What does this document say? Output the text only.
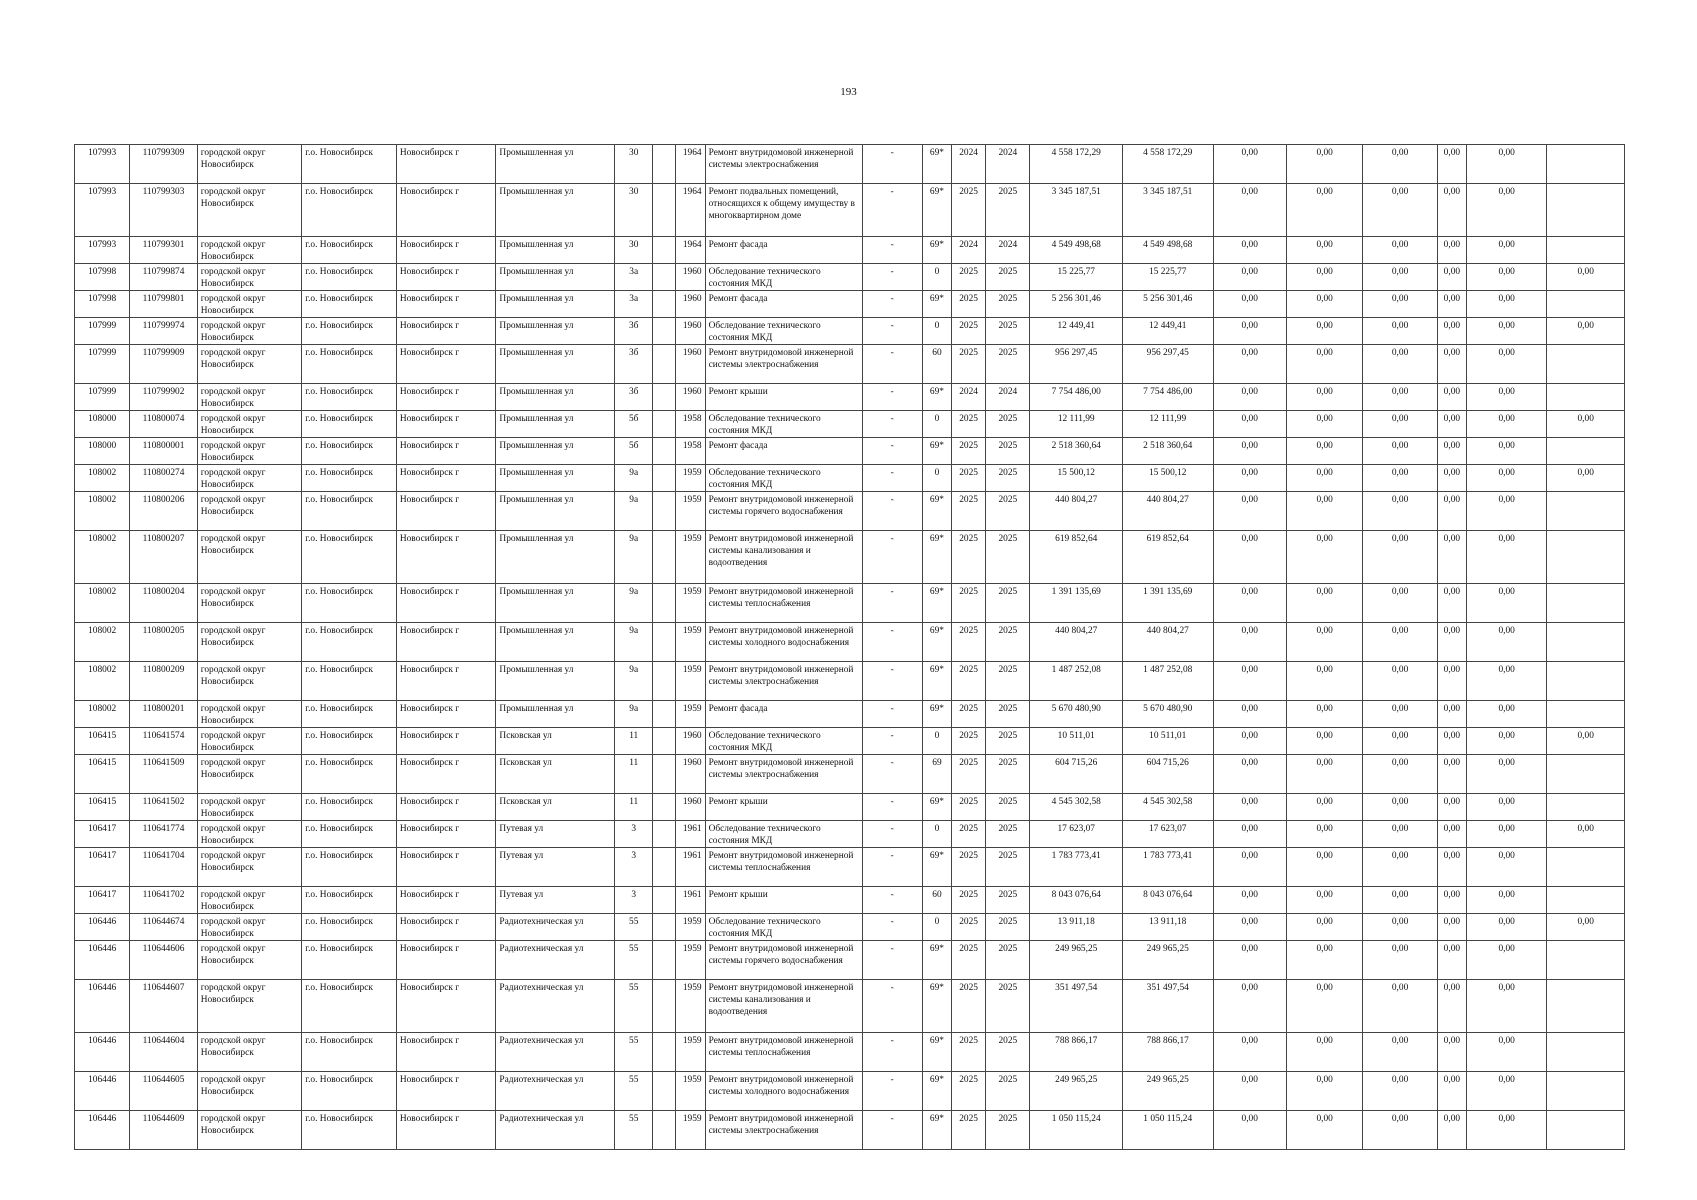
193
107993	110799309	городской округ Новосибирск	г.о. Новосибирск	Новосибирск г	Промышленная ул	30		1964	Ремонт внутридомовой инженерной системы электроснабжения	-	69*	2024	2024	4 558 172,29	4 558 172,29	0,00	0,00	0,00	0,00	0,00	
107993	110799303	городской округ Новосибирск	г.о. Новосибирск	Новосибирск г	Промышленная ул	30		1964	Ремонт подвальных помещений, относящихся к общему имуществу в многоквартирном доме	-	69*	2025	2025	3 345 187,51	3 345 187,51	0,00	0,00	0,00	0,00	0,00	
107993	110799301	городской округ Новосибирск	г.о. Новосибирск	Новосибирск г	Промышленная ул	30		1964	Ремонт фасада	-	69*	2024	2024	4 549 498,68	4 549 498,68	0,00	0,00	0,00	0,00	0,00	
107998	110799874	городской округ Новосибирск	г.о. Новосибирск	Новосибирск г	Промышленная ул	3а		1960	Обследование технического состояния МКД	-	0	2025	2025	15 225,77	15 225,77	0,00	0,00	0,00	0,00	0,00	0,00
107998	110799801	городской округ Новосибирск	г.о. Новосибирск	Новосибирск г	Промышленная ул	3а		1960	Ремонт фасада	-	69*	2025	2025	5 256 301,46	5 256 301,46	0,00	0,00	0,00	0,00	0,00	
107999	110799974	городской округ Новосибирск	г.о. Новосибирск	Новосибирск г	Промышленная ул	3б		1960	Обследование технического состояния МКД	-	0	2025	2025	12 449,41	12 449,41	0,00	0,00	0,00	0,00	0,00	0,00
107999	110799909	городской округ Новосибирск	г.о. Новосибирск	Новосибирск г	Промышленная ул	3б		1960	Ремонт внутридомовой инженерной системы электроснабжения	-	60	2025	2025	956 297,45	956 297,45	0,00	0,00	0,00	0,00	0,00	
107999	110799902	городской округ Новосибирск	г.о. Новосибирск	Новосибирск г	Промышленная ул	3б		1960	Ремонт крыши	-	69*	2024	2024	7 754 486,00	7 754 486,00	0,00	0,00	0,00	0,00	0,00	
108000	110800074	городской округ Новосибирск	г.о. Новосибирск	Новосибирск г	Промышленная ул	5б		1958	Обследование технического состояния МКД	-	0	2025	2025	12 111,99	12 111,99	0,00	0,00	0,00	0,00	0,00	0,00
108000	110800001	городской округ Новосибирск	г.о. Новосибирск	Новосибирск г	Промышленная ул	5б		1958	Ремонт фасада	-	69*	2025	2025	2 518 360,64	2 518 360,64	0,00	0,00	0,00	0,00	0,00	
108002	110800274	городской округ Новосибирск	г.о. Новосибирск	Новосибирск г	Промышленная ул	9а		1959	Обследование технического состояния МКД	-	0	2025	2025	15 500,12	15 500,12	0,00	0,00	0,00	0,00	0,00	0,00
108002	110800206	городской округ Новосибирск	г.о. Новосибирск	Новосибирск г	Промышленная ул	9а		1959	Ремонт внутридомовой инженерной системы горячего водоснабжения	-	69*	2025	2025	440 804,27	440 804,27	0,00	0,00	0,00	0,00	0,00	
108002	110800207	городской округ Новосибирск	г.о. Новосибирск	Новосибирск г	Промышленная ул	9а		1959	Ремонт внутридомовой инженерной системы канализования и водоотведения	-	69*	2025	2025	619 852,64	619 852,64	0,00	0,00	0,00	0,00	0,00	
108002	110800204	городской округ Новосибирск	г.о. Новосибирск	Новосибирск г	Промышленная ул	9а		1959	Ремонт внутридомовой инженерной системы теплоснабжения	-	69*	2025	2025	1 391 135,69	1 391 135,69	0,00	0,00	0,00	0,00	0,00	
108002	110800205	городской округ Новосибирск	г.о. Новосибирск	Новосибирск г	Промышленная ул	9а		1959	Ремонт внутридомовой инженерной системы холодного водоснабжения	-	69*	2025	2025	440 804,27	440 804,27	0,00	0,00	0,00	0,00	0,00	
108002	110800209	городской округ Новосибирск	г.о. Новосибирск	Новосибирск г	Промышленная ул	9а		1959	Ремонт внутридомовой инженерной системы электроснабжения	-	69*	2025	2025	1 487 252,08	1 487 252,08	0,00	0,00	0,00	0,00	0,00	
108002	110800201	городской округ Новосибирск	г.о. Новосибирск	Новосибирск г	Промышленная ул	9а		1959	Ремонт фасада	-	69*	2025	2025	5 670 480,90	5 670 480,90	0,00	0,00	0,00	0,00	0,00	
106415	110641574	городской округ Новосибирск	г.о. Новосибирск	Новосибирск г	Псковская ул	11		1960	Обследование технического состояния МКД	-	0	2025	2025	10 511,01	10 511,01	0,00	0,00	0,00	0,00	0,00	0,00
106415	110641509	городской округ Новосибирск	г.о. Новосибирск	Новосибирск г	Псковская ул	11		1960	Ремонт внутридомовой инженерной системы электроснабжения	-	69	2025	2025	604 715,26	604 715,26	0,00	0,00	0,00	0,00	0,00	
106415	110641502	городской округ Новосибирск	г.о. Новосибирск	Новосибирск г	Псковская ул	11		1960	Ремонт крыши	-	69*	2025	2025	4 545 302,58	4 545 302,58	0,00	0,00	0,00	0,00	0,00	
106417	110641774	городской округ Новосибирск	г.о. Новосибирск	Новосибирск г	Путевая ул	3		1961	Обследование технического состояния МКД	-	0	2025	2025	17 623,07	17 623,07	0,00	0,00	0,00	0,00	0,00	0,00
106417	110641704	городской округ Новосибирск	г.о. Новосибирск	Новосибирск г	Путевая ул	3		1961	Ремонт внутридомовой инженерной системы теплоснабжения	-	69*	2025	2025	1 783 773,41	1 783 773,41	0,00	0,00	0,00	0,00	0,00	
106417	110641702	городской округ Новосибирск	г.о. Новосибирск	Новосибирск г	Путевая ул	3		1961	Ремонт крыши	-	60	2025	2025	8 043 076,64	8 043 076,64	0,00	0,00	0,00	0,00	0,00	
106446	110644674	городской округ Новосибирск	г.о. Новосибирск	Новосибирск г	Радиотехническая ул	55		1959	Обследование технического состояния МКД	-	0	2025	2025	13 911,18	13 911,18	0,00	0,00	0,00	0,00	0,00	0,00
106446	110644606	городской округ Новосибирск	г.о. Новосибирск	Новосибирск г	Радиотехническая ул	55		1959	Ремонт внутридомовой инженерной системы горячего водоснабжения	-	69*	2025	2025	249 965,25	249 965,25	0,00	0,00	0,00	0,00	0,00	
106446	110644607	городской округ Новосибирск	г.о. Новосибирск	Новосибирск г	Радиотехническая ул	55		1959	Ремонт внутридомовой инженерной системы канализования и водоотведения	-	69*	2025	2025	351 497,54	351 497,54	0,00	0,00	0,00	0,00	0,00	
106446	110644604	городской округ Новосибирск	г.о. Новосибирск	Новосибирск г	Радиотехническая ул	55		1959	Ремонт внутридомовой инженерной системы теплоснабжения	-	69*	2025	2025	788 866,17	788 866,17	0,00	0,00	0,00	0,00	0,00	
106446	110644605	городской округ Новосибирск	г.о. Новосибирск	Новосибирск г	Радиотехническая ул	55		1959	Ремонт внутридомовой инженерной системы холодного водоснабжения	-	69*	2025	2025	249 965,25	249 965,25	0,00	0,00	0,00	0,00	0,00	
106446	110644609	городской округ Новосибирск	г.о. Новосибирск	Новосибирск г	Радиотехническая ул	55		1959	Ремонт внутридомовой инженерной системы электроснабжения	-	69*	2025	2025	1 050 115,24	1 050 115,24	0,00	0,00	0,00	0,00	0,00	
